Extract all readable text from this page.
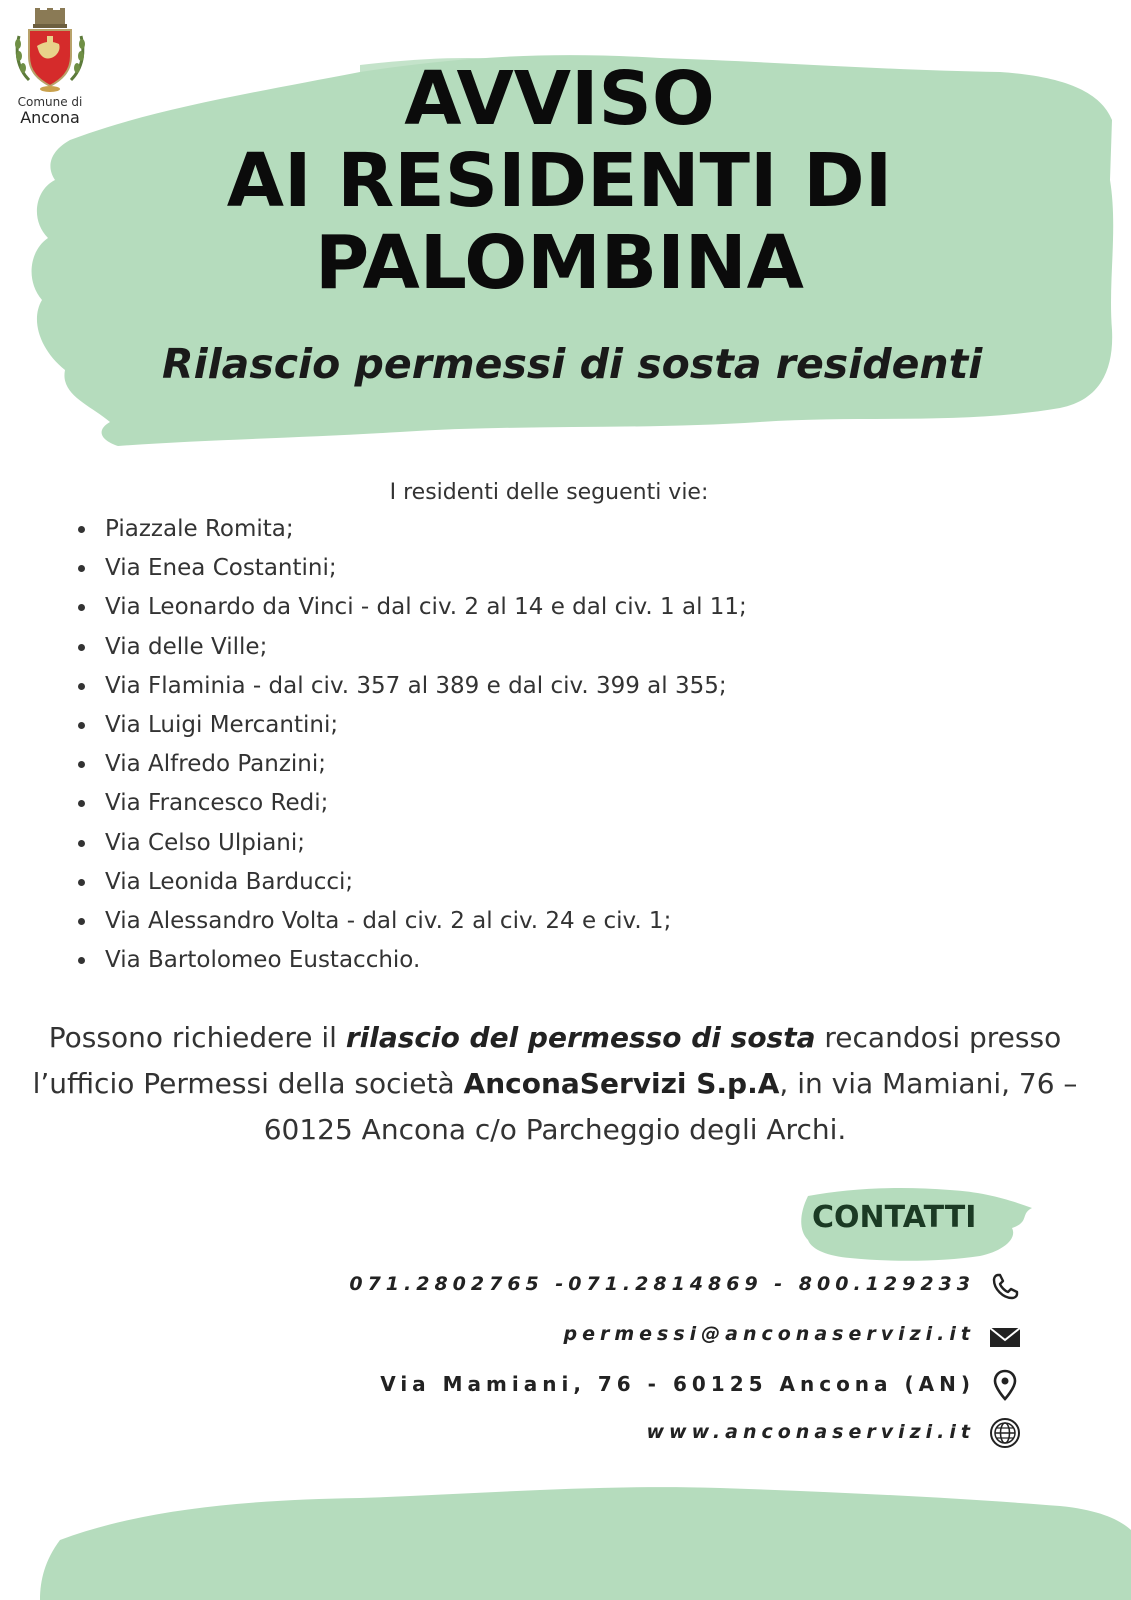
Comune di
Ancona	AVVISO
AI RESIDENTI DI
PALOMBINA
Rilascio permessi di sosta residenti
I residenti delle seguenti vie:
Piazzale Romita;
Via Enea Costantini;
Via Leonardo da Vinci - dal civ. 2 al 14 e dal civ. 1 al 11;
Via delle Ville;
Via Flaminia - dal civ. 357 al 389 e dal civ. 399 al 355;
Via Luigi Mercantini;
Via Alfredo Panzini;
Via Francesco Redi;
Via Celso Ulpiani;
Via Leonida Barducci;
Via Alessandro Volta - dal civ. 2 al civ. 24 e civ. 1;
Via Bartolomeo Eustacchio.
Possono richiedere il rilascio del permesso di sosta recandosi presso l’ufficio Permessi della società AnconaServizi S.p.A, in via Mamiani, 76 – 60125 Ancona c/o Parcheggio degli Archi.
CONTATTI
071.2802765 -071.2814869 - 800.129233
permessi@anconaservizi.it
Via Mamiani, 76 - 60125 Ancona (AN)
www.anconaservizi.it
